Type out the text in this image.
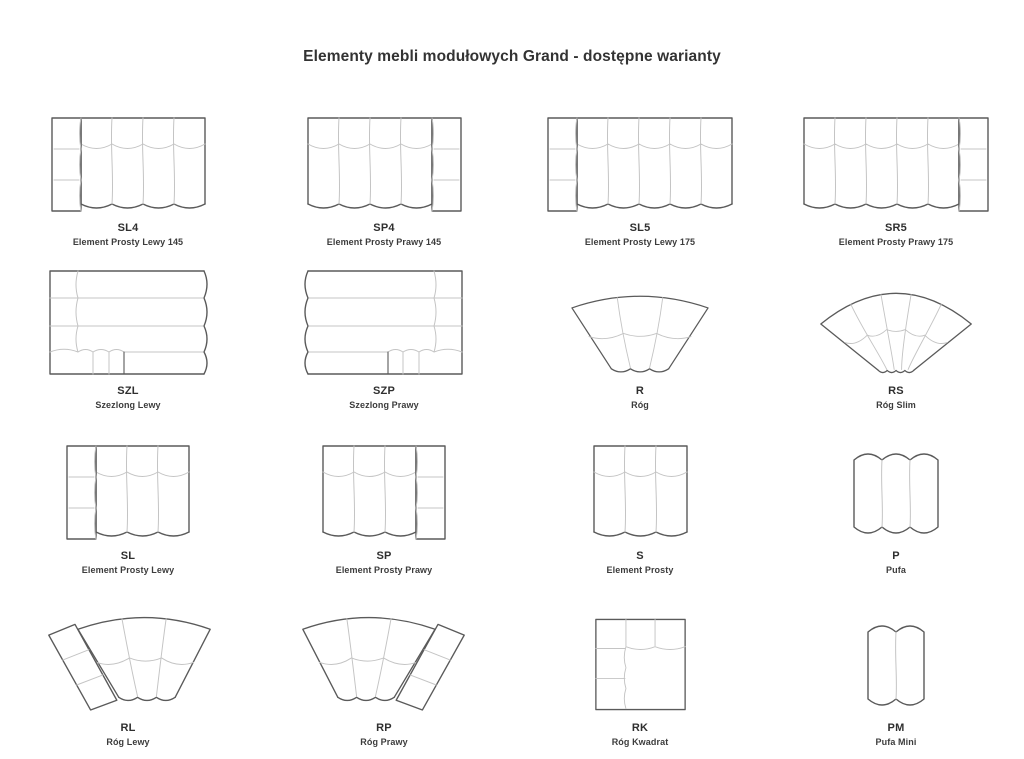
Elementy mebli modułowych Grand - dostępne warianty
SL4
Element Prosty Lewy 145
SP4
Element Prosty Prawy 145
SL5
Element Prosty Lewy 175
SR5
Element Prosty Prawy 175
SZL
Szezlong Lewy
SZP
Szezlong Prawy
R
Róg
RS
Róg Slim
SL
Element Prosty Lewy
SP
Element Prosty Prawy
S
Element Prosty
P
Pufa
RL
Róg Lewy
RP
Róg Prawy
RK
Róg Kwadrat
PM
Pufa Mini
